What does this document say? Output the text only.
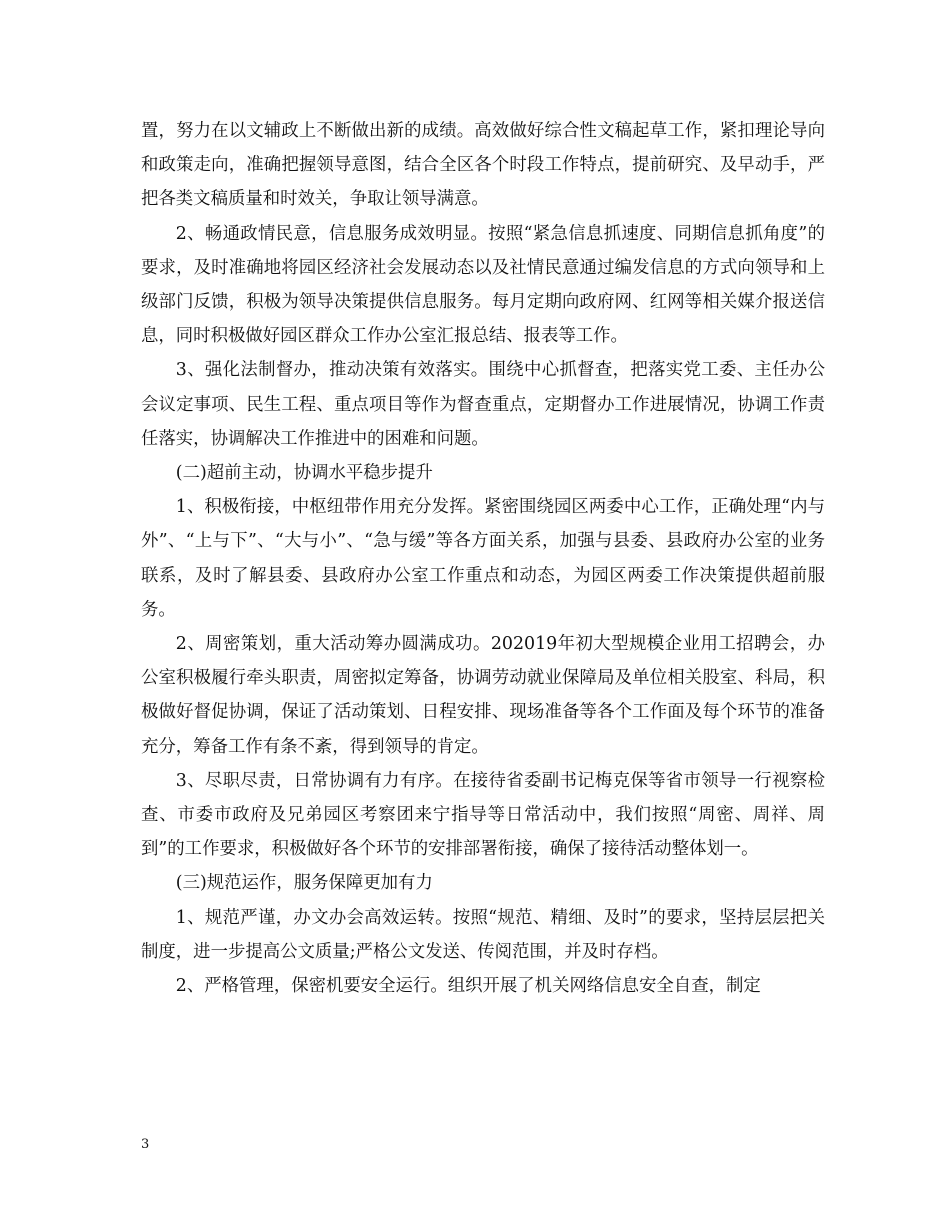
置，努力在以文辅政上不断做出新的成绩。高效做好综合性文稿起草工作，紧扣理论导向和政策走向，准确把握领导意图，结合全区各个时段工作特点，提前研究、及早动手，严把各类文稿质量和时效关，争取让领导满意。

2、畅通政情民意，信息服务成效明显。按照“紧急信息抓速度、同期信息抓角度”的要求，及时准确地将园区经济社会发展动态以及社情民意通过编发信息的方式向领导和上级部门反馈，积极为领导决策提供信息服务。每月定期向政府网、红网等相关媒介报送信息，同时积极做好园区群众工作办公室汇报总结、报表等工作。

3、强化法制督办，推动决策有效落实。围绕中心抓督查，把落实党工委、主任办公会议定事项、民生工程、重点项目等作为督查重点，定期督办工作进展情况，协调工作责任落实，协调解决工作推进中的困难和问题。

(二)超前主动，协调水平稳步提升

1、积极衔接，中枢纽带作用充分发挥。紧密围绕园区两委中心工作，正确处理“内与外”、“上与下”、“大与小”、“急与缓”等各方面关系，加强与县委、县政府办公室的业务联系，及时了解县委、县政府办公室工作重点和动态，为园区两委工作决策提供超前服务。

2、周密策划，重大活动筹办圆满成功。202019年初大型规模企业用工招聘会，办公室积极履行牵头职责，周密拟定筹备，协调劳动就业保障局及单位相关股室、科局，积极做好督促协调，保证了活动策划、日程安排、现场准备等各个工作面及每个环节的准备充分，筹备工作有条不紊，得到领导的肯定。

3、尽职尽责，日常协调有力有序。在接待省委副书记梅克保等省市领导一行视察检查、市委市政府及兄弟园区考察团来宁指导等日常活动中，我们按照“周密、周祥、周到”的工作要求，积极做好各个环节的安排部署衔接，确保了接待活动整体划一。

(三)规范运作，服务保障更加有力

1、规范严谨，办文办会高效运转。按照“规范、精细、及时”的要求，坚持层层把关制度，进一步提高公文质量;严格公文发送、传阅范围，并及时存档。

2、严格管理，保密机要安全运行。组织开展了机关网络信息安全自查，制定

3
